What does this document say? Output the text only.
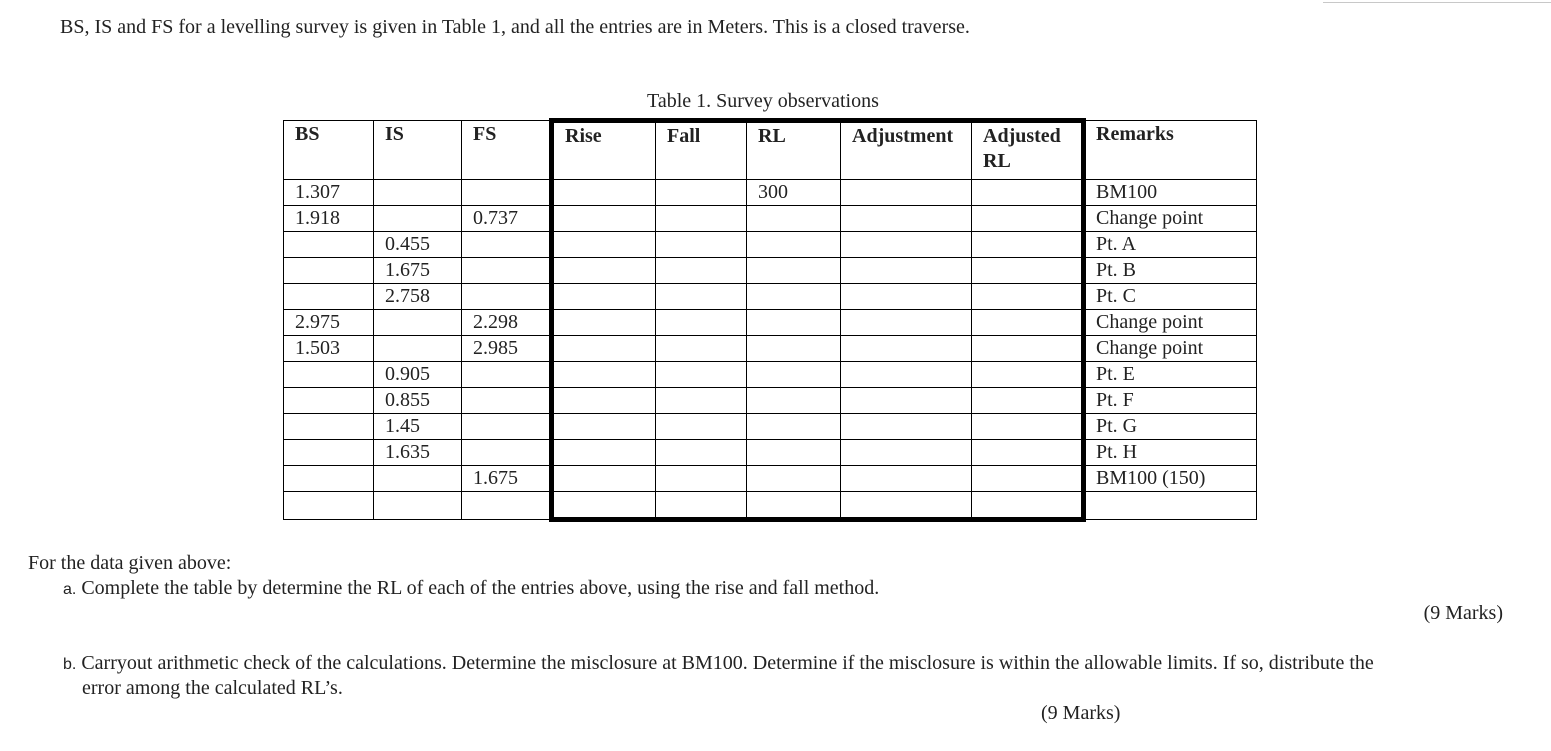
BS, IS and FS for a levelling survey is given in Table 1, and all the entries are in Meters. This is a closed traverse.

Table 1. Survey observations
BS	IS	FS	Rise	Fall	RL	Adjustment	Adjusted RL	Remarks
1.307					300			BM100
1.918		0.737						Change point
	0.455							Pt. A
	1.675							Pt. B
	2.758							Pt. C
2.975		2.298						Change point
1.503		2.985						Change point
	0.905							Pt. E
	0.855							Pt. F
	1.45							Pt. G
	1.635							Pt. H
		1.675						BM100 (150)

For the data given above:
a. Complete the table by determine the RL of each of the entries above, using the rise and fall method.
(9 Marks)
b. Carryout arithmetic check of the calculations. Determine the misclosure at BM100. Determine if the misclosure is within the allowable limits. If so, distribute the
error among the calculated RL’s.
(9 Marks)
